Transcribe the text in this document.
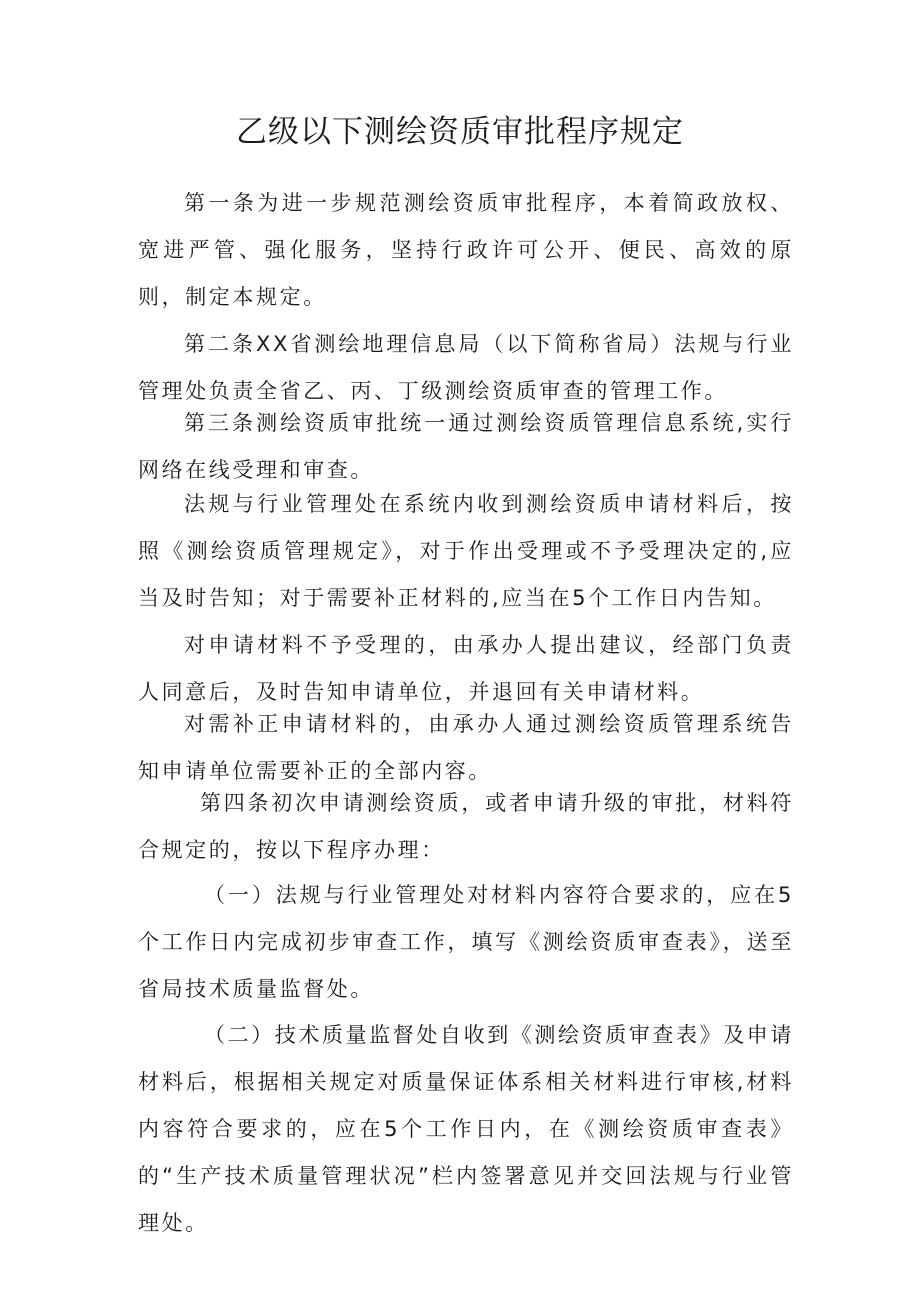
乙级以下测绘资质审批程序规定

第一条为进一步规范测绘资质审批程序，本着简政放权、宽进严管、强化服务，坚持行政许可公开、便民、高效的原则，制定本规定。

第二条XX省测绘地理信息局（以下简称省局）法规与行业管理处负责全省乙、丙、丁级测绘资质审查的管理工作。

第三条测绘资质审批统一通过测绘资质管理信息系统,实行网络在线受理和审查。

法规与行业管理处在系统内收到测绘资质申请材料后，按照《测绘资质管理规定》，对于作出受理或不予受理决定的,应当及时告知；对于需要补正材料的,应当在5个工作日内告知。

对申请材料不予受理的，由承办人提出建议，经部门负责人同意后，及时告知申请单位，并退回有关申请材料。

对需补正申请材料的，由承办人通过测绘资质管理系统告知申请单位需要补正的全部内容。

第四条初次申请测绘资质，或者申请升级的审批，材料符合规定的，按以下程序办理：

（一）法规与行业管理处对材料内容符合要求的，应在5个工作日内完成初步审查工作，填写《测绘资质审查表》，送至省局技术质量监督处。

（二）技术质量监督处自收到《测绘资质审查表》及申请材料后，根据相关规定对质量保证体系相关材料进行审核,材料内容符合要求的，应在5个工作日内，在《测绘资质审查表》的“生产技术质量管理状况”栏内签署意见并交回法规与行业管理处。
